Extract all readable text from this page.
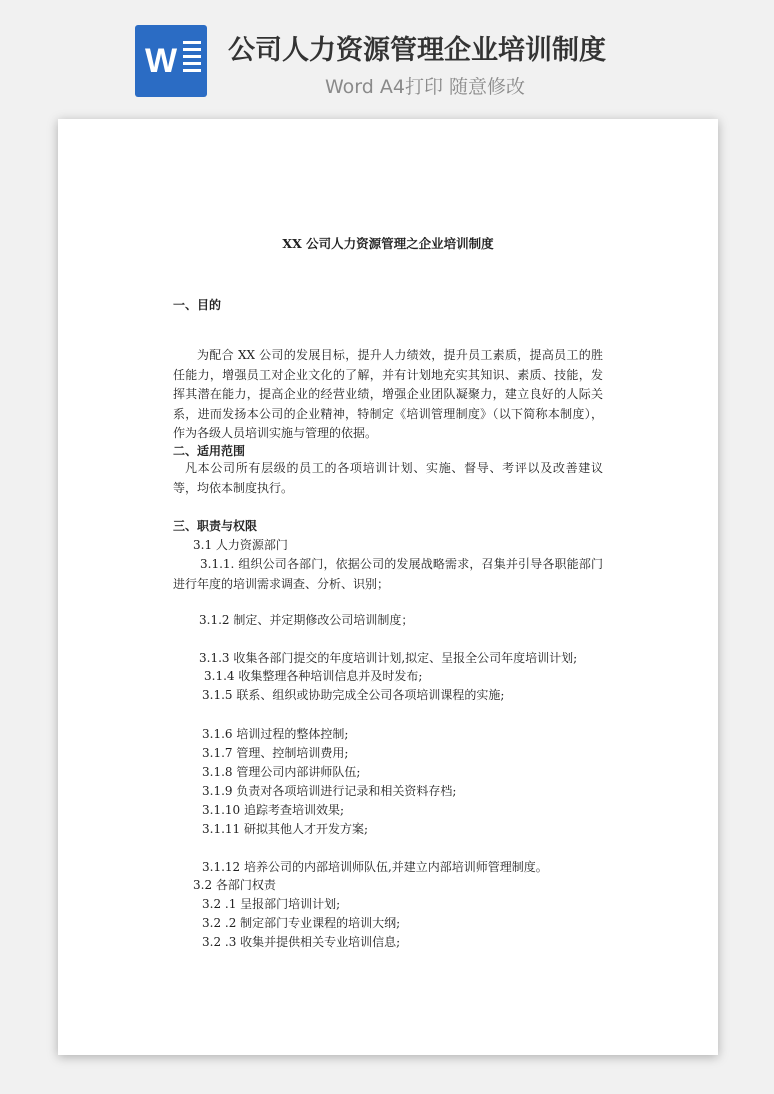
W 公司人力资源管理企业培训制度
Word A4打印 随意修改
XX 公司人力资源管理之企业培训制度
一、目的
为配合 XX 公司的发展目标，提升人力绩效，提升员工素质，提高员工的胜任能力，增强员工对企业文化的了解，并有计划地充实其知识、素质、技能，发挥其潜在能力，提高企业的经营业绩，增强企业团队凝聚力，建立良好的人际关系，进而发扬本公司的企业精神，特制定《培训管理制度》（以下简称本制度），作为各级人员培训实施与管理的依据。
二、适用范围
凡本公司所有层级的员工的各项培训计划、实施、督导、考评以及改善建议等，均依本制度执行。
三、职责与权限
3.1 人力资源部门
3.1.1. 组织公司各部门，依据公司的发展战略需求，召集并引导各职能部门进行年度的培训需求调查、分析、识别；
3.1.2 制定、并定期修改公司培训制度；
3.1.3 收集各部门提交的年度培训计划,拟定、呈报全公司年度培训计划;
3.1.4 收集整理各种培训信息并及时发布;
3.1.5 联系、组织或协助完成全公司各项培训课程的实施;
3.1.6 培训过程的整体控制;
3.1.7 管理、控制培训费用;
3.1.8 管理公司内部讲师队伍;
3.1.9 负责对各项培训进行记录和相关资料存档;
3.1.10 追踪考查培训效果;
3.1.11 研拟其他人才开发方案;
3.1.12 培养公司的内部培训师队伍,并建立内部培训师管理制度。
3.2 各部门权责
3.2 .1 呈报部门培训计划;
3.2 .2 制定部门专业课程的培训大纲;
3.2 .3 收集并提供相关专业培训信息;
